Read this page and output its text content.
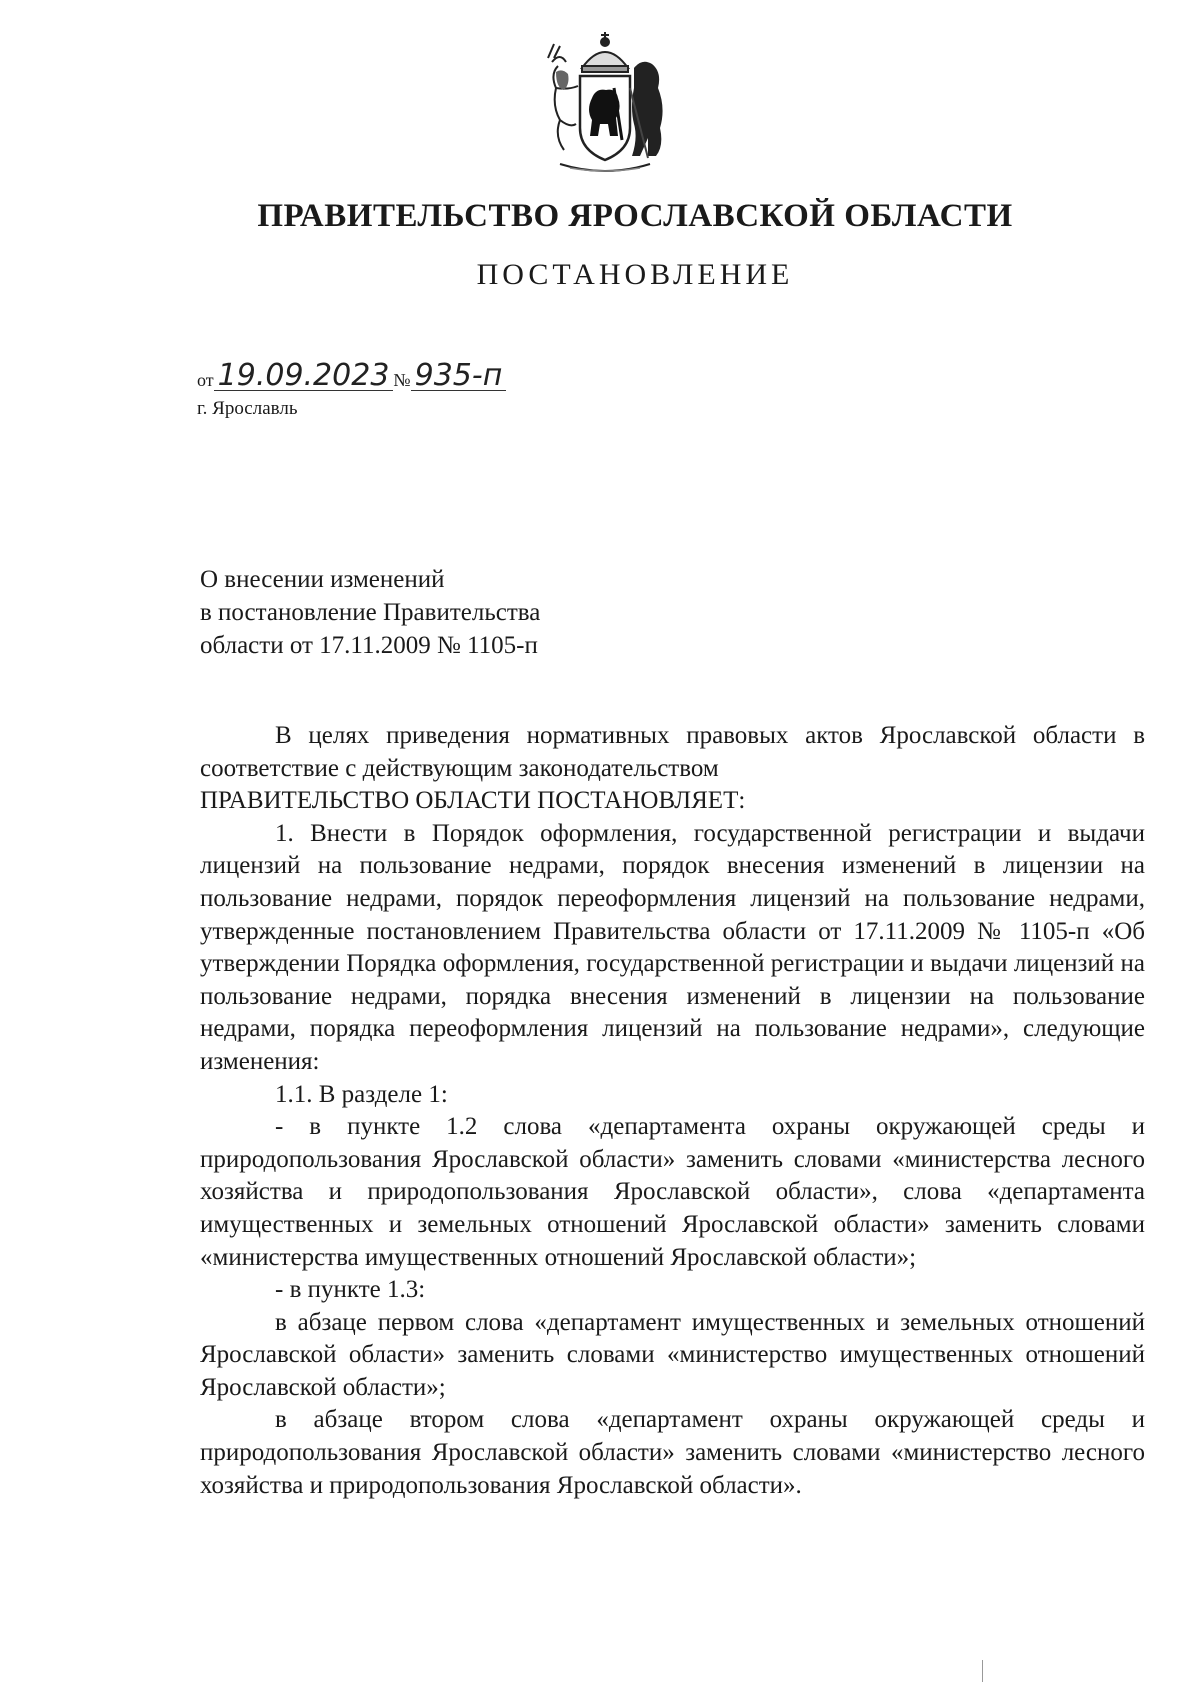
ПРАВИТЕЛЬСТВО ЯРОСЛАВСКОЙ ОБЛАСТИ
ПОСТАНОВЛЕНИЕ
от 19.09.2023 № 935-п
г. Ярославль
О внесении изменений
в постановление Правительства
области от 17.11.2009 № 1105-п

В целях приведения нормативных правовых актов Ярославской области в соответствие с действующим законодательством

ПРАВИТЕЛЬСТВО ОБЛАСТИ ПОСТАНОВЛЯЕТ:

1. Внести в Порядок оформления, государственной регистрации и выдачи лицензий на пользование недрами, порядок внесения изменений в лицензии на пользование недрами, порядок переоформления лицензий на пользование недрами, утвержденные постановлением Правительства области от 17.11.2009 № 1105-п «Об утверждении Порядка оформления, государственной регистрации и выдачи лицензий на пользование недрами, порядка внесения изменений в лицензии на пользование недрами, порядка переоформления лицензий на пользование недрами», следующие изменения:

1.1. В разделе 1:

- в пункте 1.2 слова «департамента охраны окружающей среды и природопользования Ярославской области» заменить словами «министерства лесного хозяйства и природопользования Ярославской области», слова «департамента имущественных и земельных отношений Ярославской области» заменить словами «министерства имущественных отношений Ярославской области»;

- в пункте 1.3:

в абзаце первом слова «департамент имущественных и земельных отношений Ярославской области» заменить словами «министерство имущественных отношений Ярославской области»;

в абзаце втором слова «департамент охраны окружающей среды и природопользования Ярославской области» заменить словами «министерство лесного хозяйства и природопользования Ярославской области».
